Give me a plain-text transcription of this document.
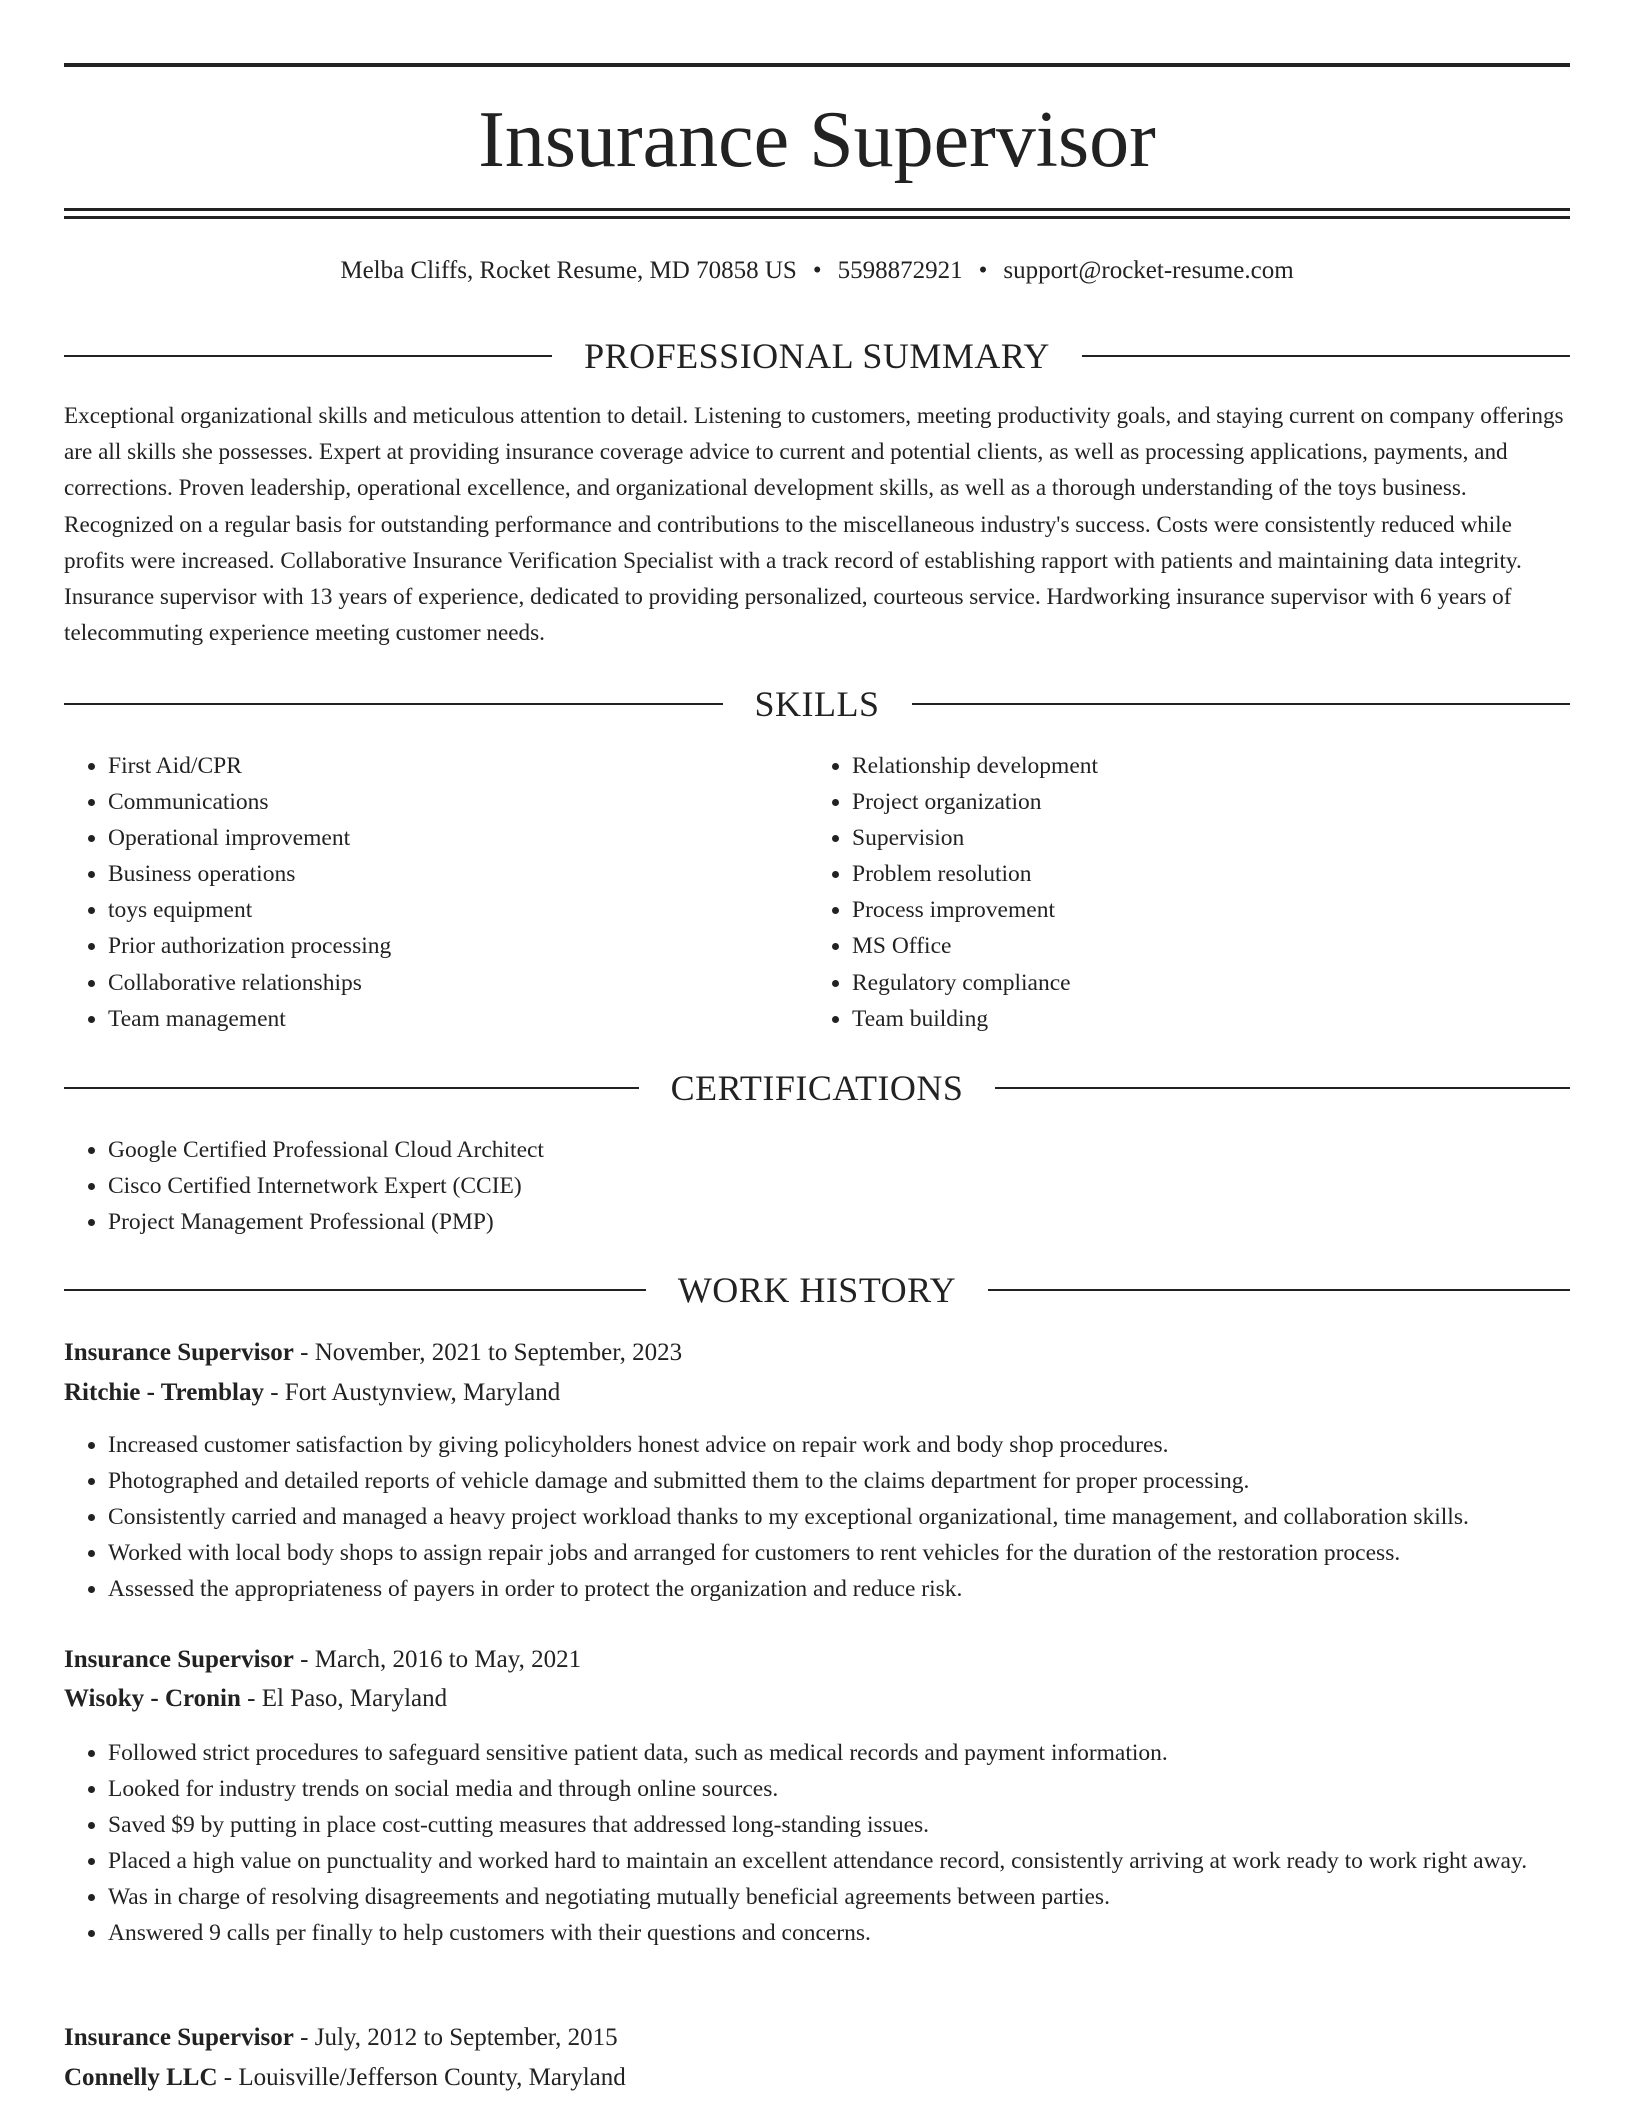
Insurance Supervisor
Melba Cliffs, Rocket Resume, MD 70858 US • 5598872921 • support@rocket-resume.com
PROFESSIONAL SUMMARY

Exceptional organizational skills and meticulous attention to detail. Listening to customers, meeting productivity goals, and staying current on company offerings are all skills she possesses. Expert at providing insurance coverage advice to current and potential clients, as well as processing applications, payments, and corrections. Proven leadership, operational excellence, and organizational development skills, as well as a thorough understanding of the toys business. Recognized on a regular basis for outstanding performance and contributions to the miscellaneous industry's success. Costs were consistently reduced while profits were increased. Collaborative Insurance Verification Specialist with a track record of establishing rapport with patients and maintaining data integrity. Insurance supervisor with 13 years of experience, dedicated to providing personalized, courteous service. Hardworking insurance supervisor with 6 years of telecommuting experience meeting customer needs.

SKILLS
• First Aid/CPR
• Communications
• Operational improvement
• Business operations
• toys equipment
• Prior authorization processing
• Collaborative relationships
• Team management
• Relationship development
• Project organization
• Supervision
• Problem resolution
• Process improvement
• MS Office
• Regulatory compliance
• Team building
CERTIFICATIONS
• Google Certified Professional Cloud Architect
• Cisco Certified Internetwork Expert (CCIE)
• Project Management Professional (PMP)
WORK HISTORY
Insurance Supervisor - November, 2021 to September, 2023
Ritchie - Tremblay - Fort Austynview, Maryland
• Increased customer satisfaction by giving policyholders honest advice on repair work and body shop procedures.
• Photographed and detailed reports of vehicle damage and submitted them to the claims department for proper processing.
• Consistently carried and managed a heavy project workload thanks to my exceptional organizational, time management, and collaboration skills.
• Worked with local body shops to assign repair jobs and arranged for customers to rent vehicles for the duration of the restoration process.
• Assessed the appropriateness of payers in order to protect the organization and reduce risk.
Insurance Supervisor - March, 2016 to May, 2021
Wisoky - Cronin - El Paso, Maryland
• Followed strict procedures to safeguard sensitive patient data, such as medical records and payment information.
• Looked for industry trends on social media and through online sources.
• Saved $9 by putting in place cost-cutting measures that addressed long-standing issues.
• Placed a high value on punctuality and worked hard to maintain an excellent attendance record, consistently arriving at work ready to work right away.
• Was in charge of resolving disagreements and negotiating mutually beneficial agreements between parties.
• Answered 9 calls per finally to help customers with their questions and concerns.
Insurance Supervisor - July, 2012 to September, 2015
Connelly LLC - Louisville/Jefferson County, Maryland
